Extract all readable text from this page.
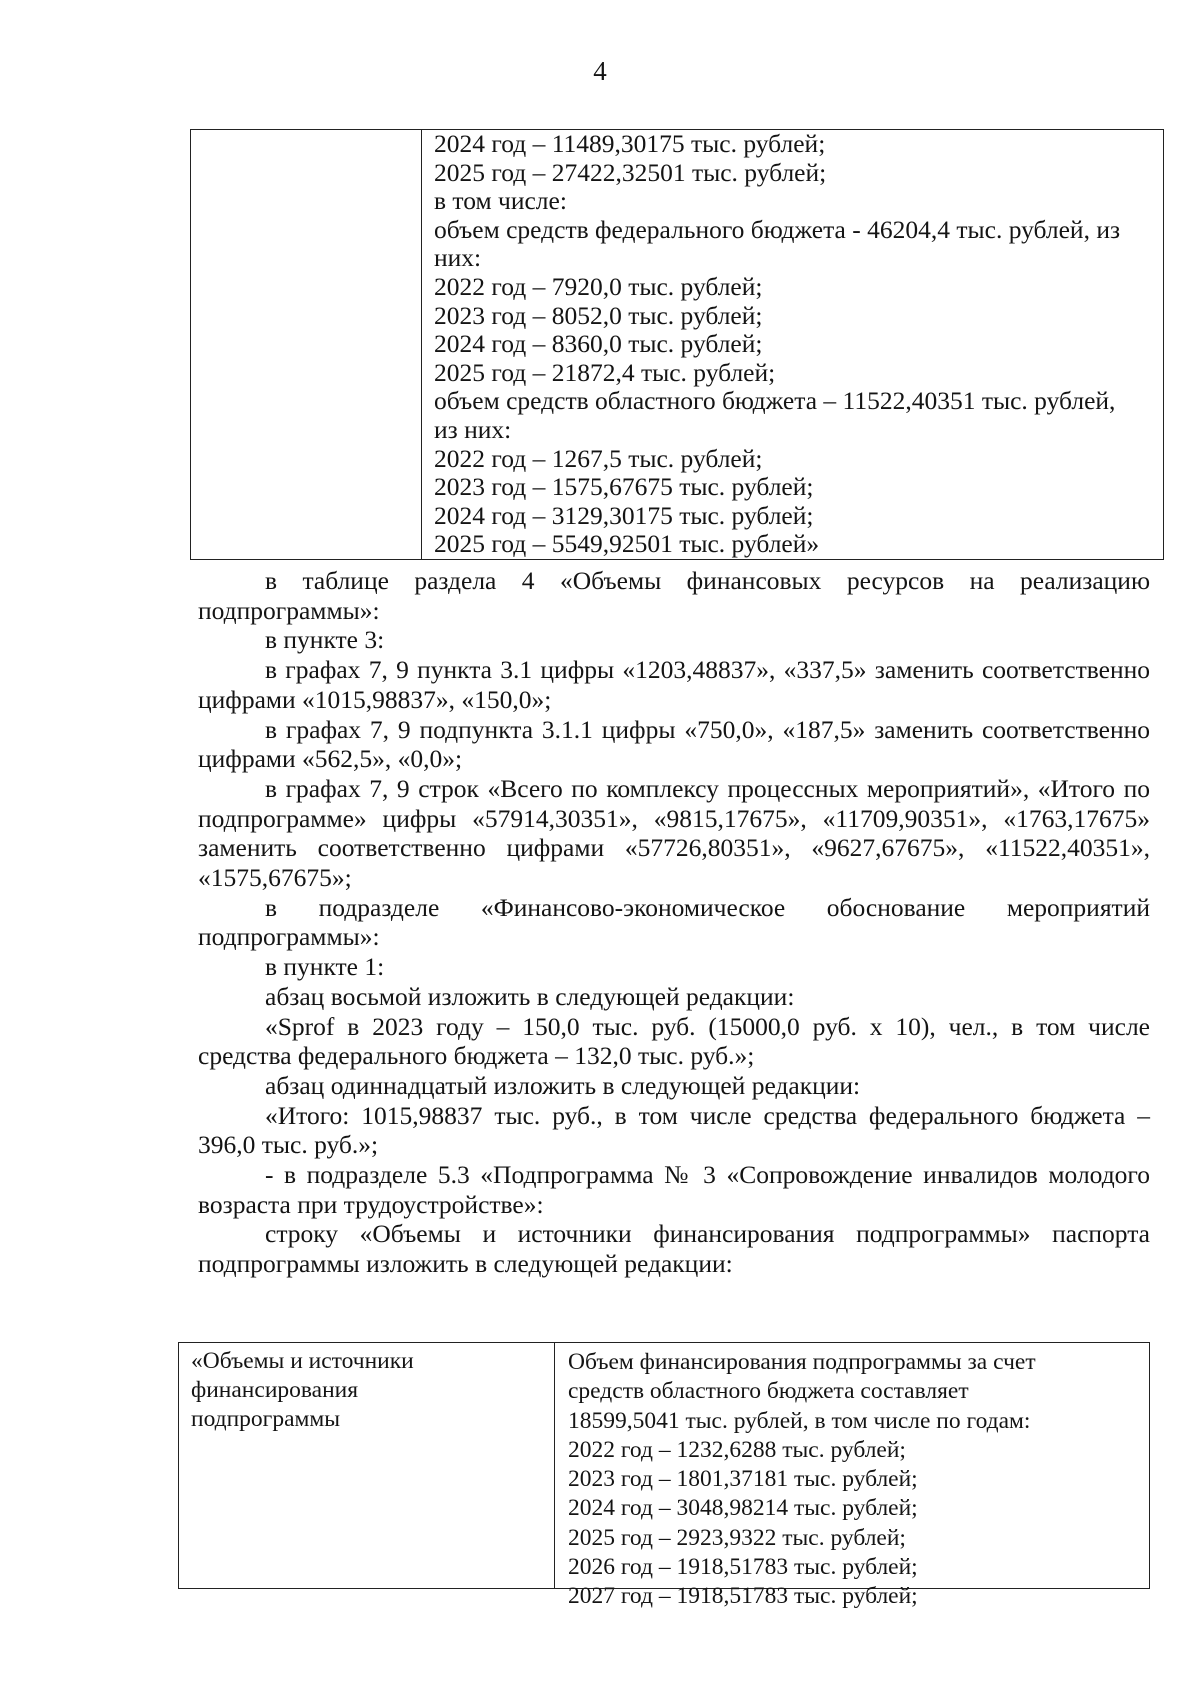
4
2024 год – 11489,30175 тыс. рублей;
2025 год – 27422,32501 тыс. рублей;
в том числе:
объем средств федерального бюджета - 46204,4 тыс. рублей, из
них:
2022 год – 7920,0 тыс. рублей;
2023 год – 8052,0 тыс. рублей;
2024 год – 8360,0 тыс. рублей;
2025 год – 21872,4 тыс. рублей;
объем средств областного бюджета – 11522,40351 тыс. рублей,
из них:
2022 год – 1267,5 тыс. рублей;
2023 год – 1575,67675 тыс. рублей;
2024 год – 3129,30175 тыс. рублей;
2025 год – 5549,92501 тыс. рублей»

в таблице раздела 4 «Объемы финансовых ресурсов на реализацию подпрограммы»:

в пункте 3:

в графах 7, 9 пункта 3.1 цифры «1203,48837», «337,5» заменить соответственно цифрами «1015,98837», «150,0»;

в графах 7, 9 подпункта 3.1.1 цифры «750,0», «187,5» заменить соответственно цифрами «562,5», «0,0»;

в графах 7, 9 строк «Всего по комплексу процессных мероприятий», «Итого по подпрограмме» цифры «57914,30351», «9815,17675», «11709,90351», «1763,17675» заменить соответственно цифрами «57726,80351», «9627,67675», «11522,40351», «1575,67675»;

в подразделе «Финансово-экономическое обоснование мероприятий подпрограммы»:

в пункте 1:

абзац восьмой изложить в следующей редакции:

«Sprof в 2023 году – 150,0 тыс. руб. (15000,0 руб. x 10), чел., в том числе средства федерального бюджета – 132,0 тыс. руб.»;

абзац одиннадцатый изложить в следующей редакции:

«Итого: 1015,98837 тыс. руб., в том числе средства федерального бюджета – 396,0 тыс. руб.»;

- в подразделе 5.3 «Подпрограмма № 3 «Сопровождение инвалидов молодого возраста при трудоустройстве»:

строку «Объемы и источники финансирования подпрограммы» паспорта подпрограммы изложить в следующей редакции:

«Объемы и источники
финансирования
подпрограммы
Объем финансирования подпрограммы за счет
средств областного бюджета составляет
18599,5041 тыс. рублей, в том числе по годам:
2022 год – 1232,6288 тыс. рублей;
2023 год – 1801,37181 тыс. рублей;
2024 год – 3048,98214 тыс. рублей;
2025 год – 2923,9322 тыс. рублей;
2026 год – 1918,51783 тыс. рублей;
2027 год – 1918,51783 тыс. рублей;
